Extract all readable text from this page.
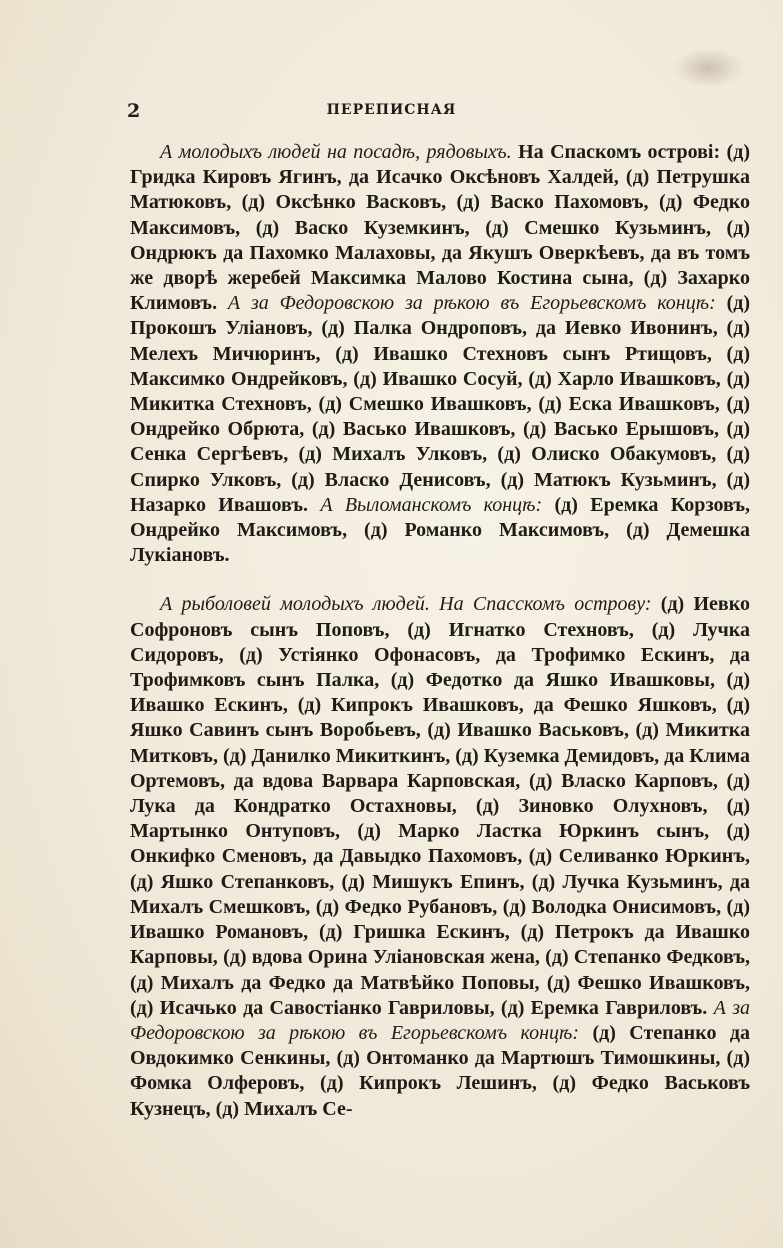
2	ПЕРЕПИСНАЯ

А молодыхъ людей на посадѣ, рядовыхъ. На Спаскомъ острові: (д) Гридка Кировъ Ягинъ, да Исачко Оксѣновъ Халдей, (д) Петрушка Матюковъ, (д) Оксѣнко Васковъ, (д) Васко Пахомовъ, (д) Федко Максимовъ, (д) Васко Куземкинъ, (д) Смешко Кузьминъ, (д) Ондрюкъ да Пахомко Малаховы, да Якушъ Оверкѣевъ, да въ томъ же дворѣ жеребей Максимка Малово Костина сына, (д) Захарко Климовъ. А за Федоровскою за рѣкою въ Егорьевскомъ концѣ: (д) Прокошъ Уліановъ, (д) Палка Ондроповъ, да Иевко Ивонинъ, (д) Мелехъ Мичюринъ, (д) Ивашко Стехновъ сынъ Ртищовъ, (д) Максимко Ондрейковъ, (д) Ивашко Сосуй, (д) Харло Ивашковъ, (д) Микитка Стехновъ, (д) Смешко Ивашковъ, (д) Еска Ивашковъ, (д) Ондрейко Обрюта, (д) Васько Ивашковъ, (д) Васько Ерышовъ, (д) Сенка Сергѣевъ, (д) Михалъ Улковъ, (д) Олиско Обакумовъ, (д) Спирко Улковъ, (д) Власко Денисовъ, (д) Матюкъ Кузьминъ, (д) Назарко Ивашовъ. А Выломанскомъ концѣ: (д) Еремка Корзовъ, Ондрейко Максимовъ, (д) Романко Максимовъ, (д) Демешка Лукіановъ.

А рыболовей молодыхъ людей. На Спасскомъ острову: (д) Иевко Софроновъ сынъ Поповъ, (д) Игнатко Стехновъ, (д) Лучка Сидоровъ, (д) Устіянко Офонасовъ, да Трофимко Ескинъ, да Трофимковъ сынъ Палка, (д) Федотко да Яшко Ивашковы, (д) Ивашко Ескинъ, (д) Кипрокъ Ивашковъ, да Фешко Яшковъ, (д) Яшко Савинъ сынъ Воробьевъ, (д) Ивашко Васьковъ, (д) Микитка Митковъ, (д) Данилко Микиткинъ, (д) Куземка Демидовъ, да Клима Ортемовъ, да вдова Варвара Карповская, (д) Власко Карповъ, (д) Лука да Кондратко Остахновы, (д) Зиновко Олухновъ, (д) Мартынко Онтуповъ, (д) Марко Ластка Юркинъ сынъ, (д) Онкифко Сменовъ, да Давыдко Пахомовъ, (д) Селиванко Юркинъ, (д) Яшко Степанковъ, (д) Мишукъ Епинъ, (д) Лучка Кузьминъ, да Михалъ Смешковъ, (д) Федко Рубановъ, (д) Володка Онисимовъ, (д) Ивашко Романовъ, (д) Гришка Ескинъ, (д) Петрокъ да Ивашко Карповы, (д) вдова Орина Уліановская жена, (д) Степанко Федковъ, (д) Михалъ да Федко да Матвѣйко Поповы, (д) Фешко Ивашковъ, (д) Исачько да Савостіанко Гавриловы, (д) Еремка Гавриловъ. А за Федоровскою за рѣкою въ Егорьевскомъ концѣ: (д) Степанко да Овдокимко Сенкины, (д) Онтоманко да Мартюшъ Тимошкины, (д) Фомка Олферовъ, (д) Кипрокъ Лешинъ, (д) Федко Васьковъ Кузнецъ, (д) Михалъ Се-
